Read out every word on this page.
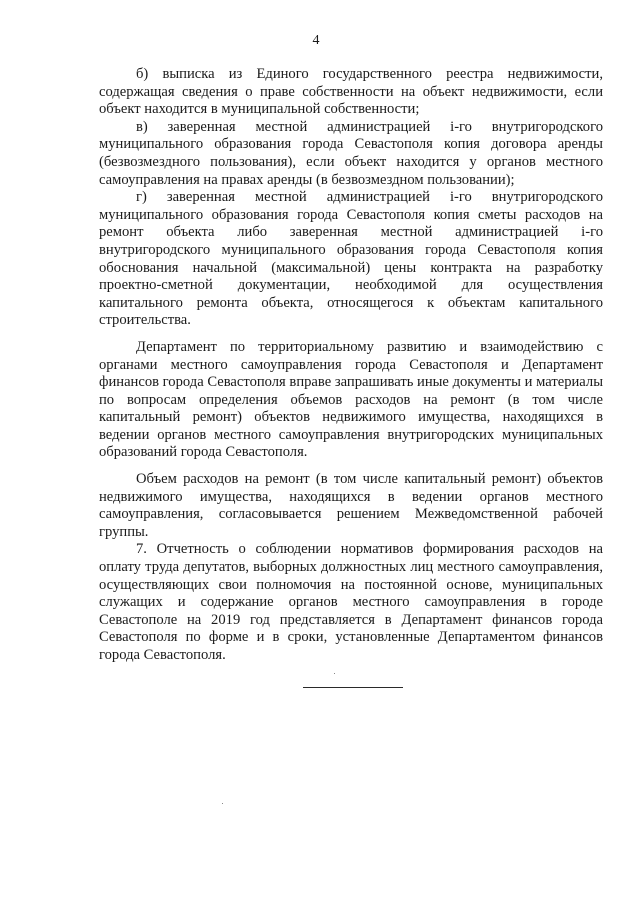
4

б) выписка из Единого государственного реестра недвижимости, содержащая сведения о праве собственности на объект недвижимости, если объект находится в муниципальной собственности;

в) заверенная местной администрацией і-го внутригородского муниципального образования города Севастополя копия договора аренды (безвозмездного пользования), если объект находится у органов местного самоуправления на правах аренды (в безвозмездном пользовании);

г) заверенная местной администрацией і-го внутригородского муниципального образования города Севастополя копия сметы расходов на ремонт объекта либо заверенная местной администрацией і-го внутригородского муниципального образования города Севастополя копия обоснования начальной (максимальной) цены контракта на разработку проектно-сметной документации, необходимой для осуществления капитального ремонта объекта, относящегося к объектам капитального строительства.

Департамент по территориальному развитию и взаимодействию с органами местного самоуправления города Севастополя и Департамент финансов города Севастополя вправе запрашивать иные документы и материалы по вопросам определения объемов расходов на ремонт (в том числе капитальный ремонт) объектов недвижимого имущества, находящихся в ведении органов местного самоуправления внутригородских муниципальных образований города Севастополя.

Объем расходов на ремонт (в том числе капитальный ремонт) объектов недвижимого имущества, находящихся в ведении органов местного самоуправления, согласовывается решением Межведомственной рабочей группы.

7. Отчетность о соблюдении нормативов формирования расходов на оплату труда депутатов, выборных должностных лиц местного самоуправления, осуществляющих свои полномочия на постоянной основе, муниципальных служащих и содержание органов местного самоуправления в городе Севастополе на 2019 год представляется в Департамент финансов города Севастополя по форме и в сроки, установленные Департаментом финансов города Севастополя.
